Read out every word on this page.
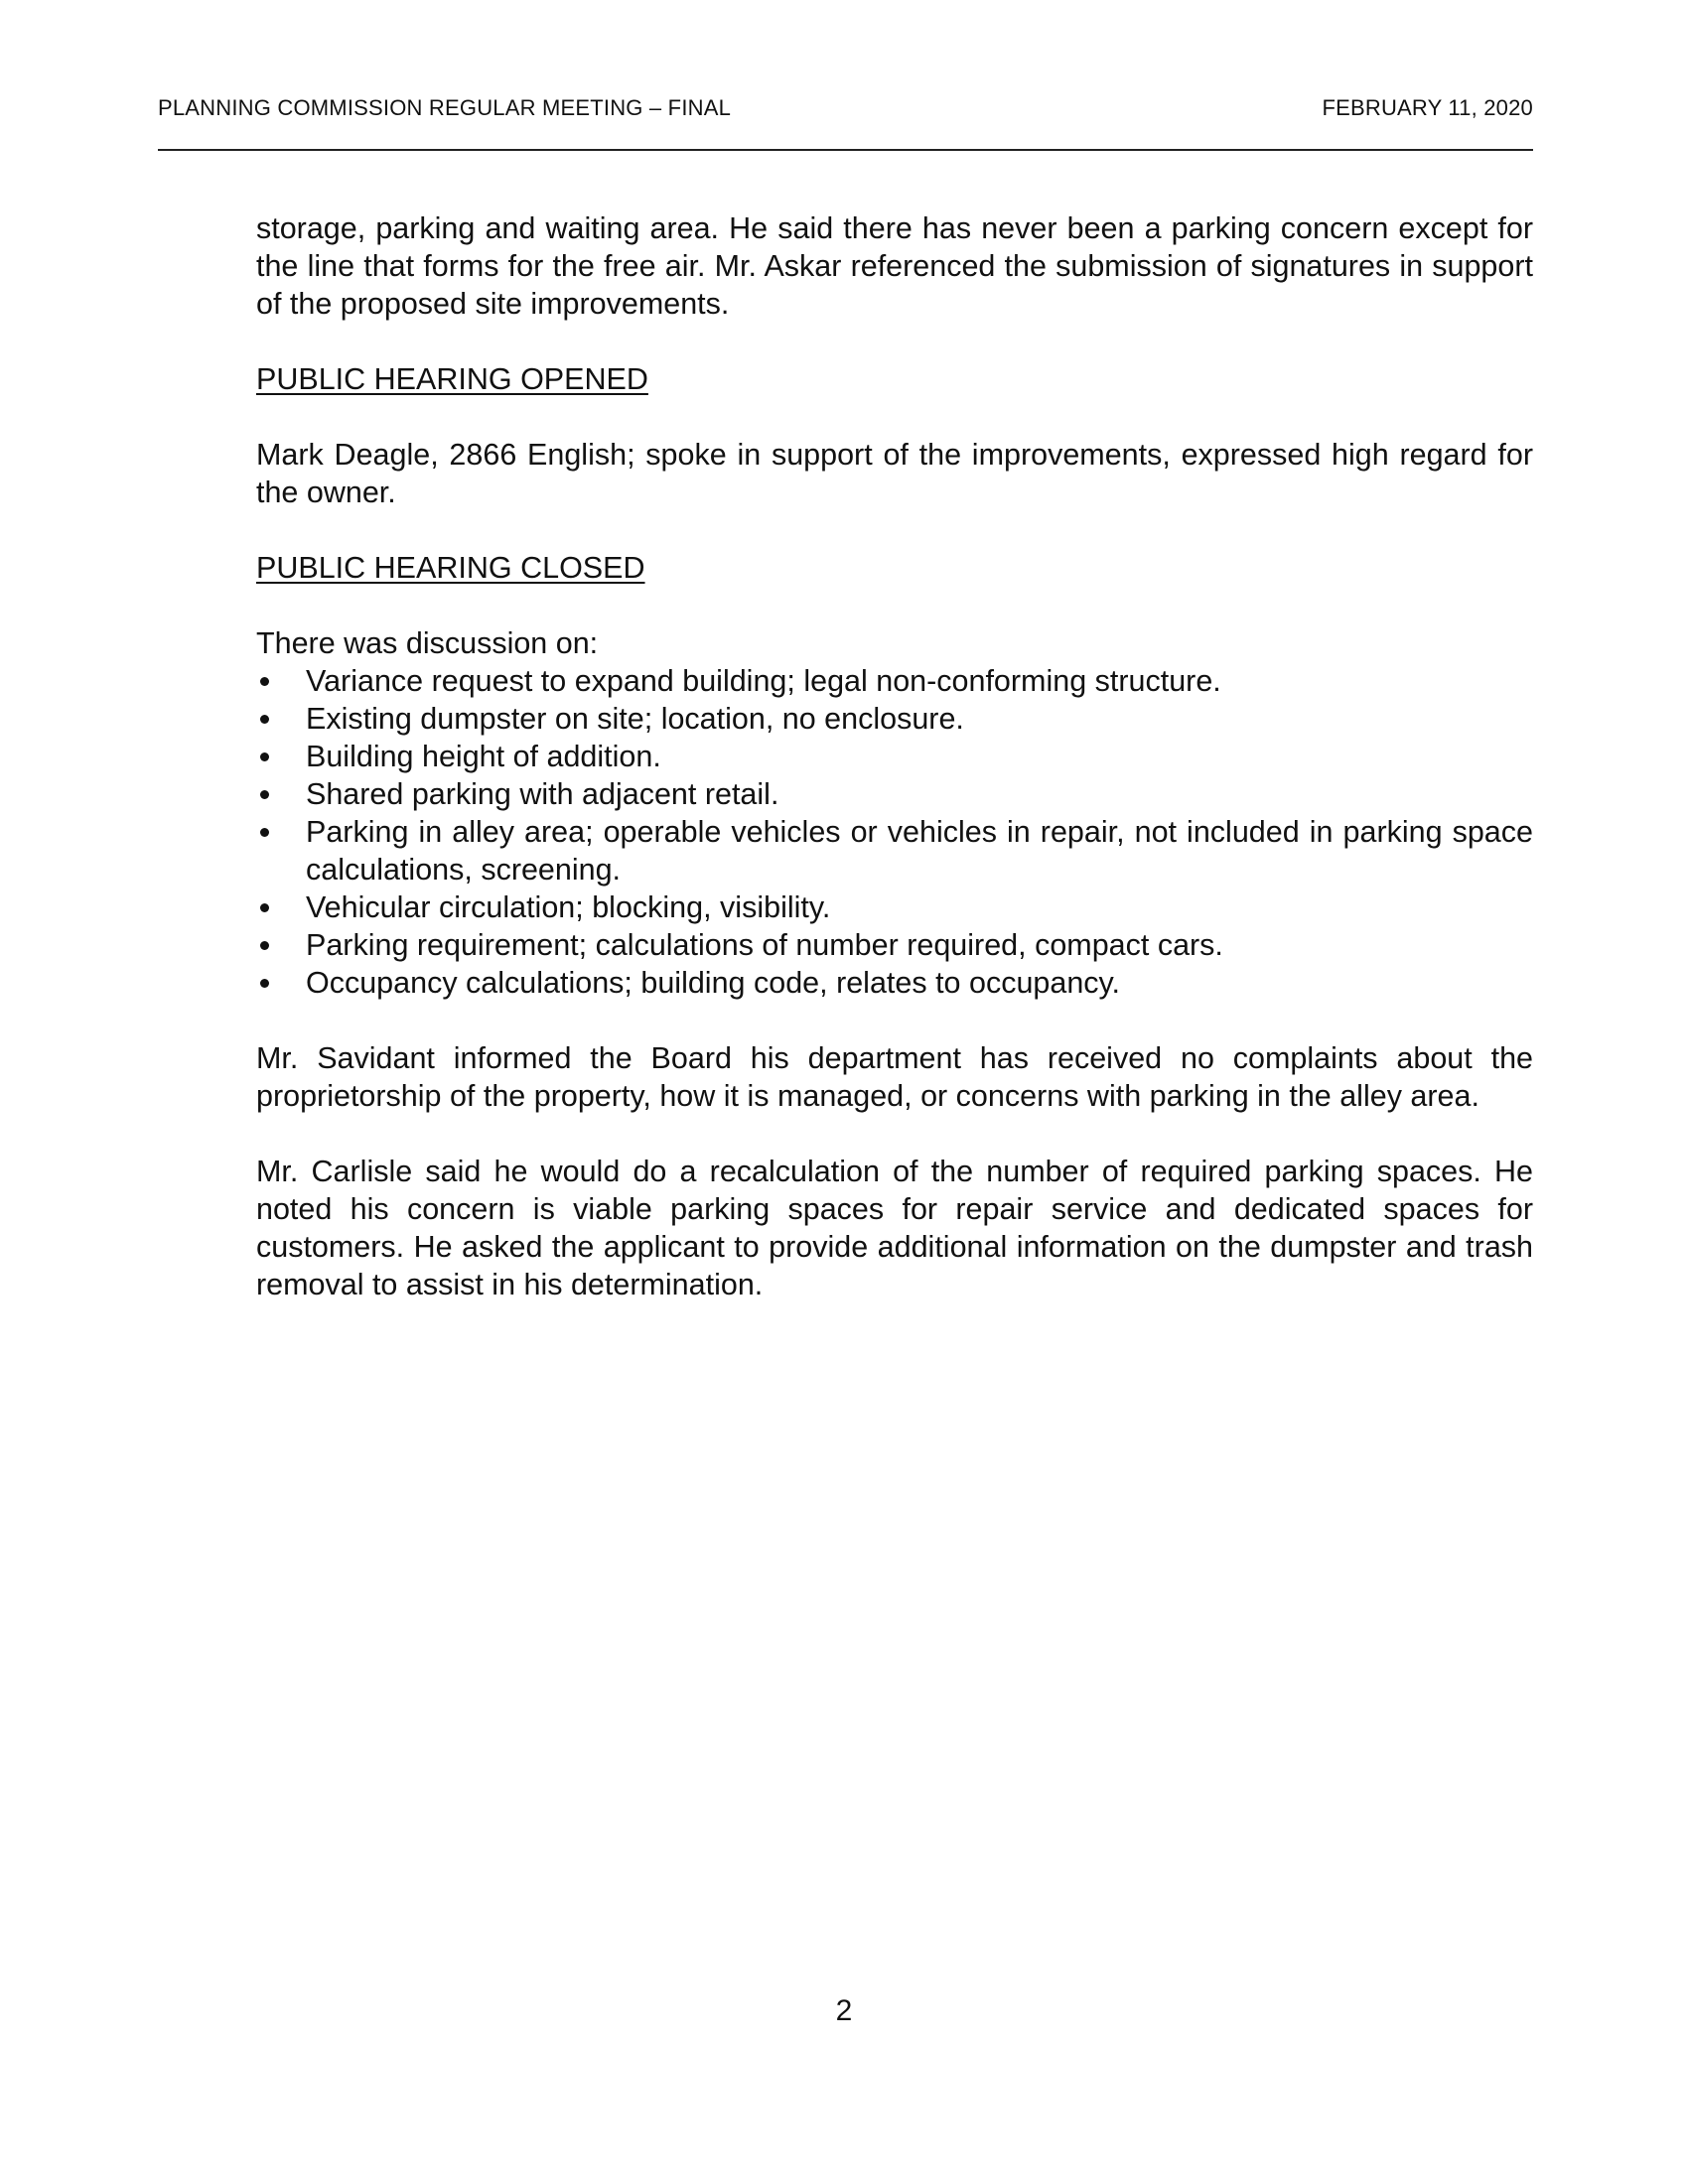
PLANNING COMMISSION REGULAR MEETING – FINAL	FEBRUARY 11, 2020

storage, parking and waiting area. He said there has never been a parking concern except for the line that forms for the free air. Mr. Askar referenced the submission of signatures in support of the proposed site improvements.

PUBLIC HEARING OPENED

Mark Deagle, 2866 English; spoke in support of the improvements, expressed high regard for the owner.

PUBLIC HEARING CLOSED

There was discussion on:

Variance request to expand building; legal non-conforming structure.
Existing dumpster on site; location, no enclosure.
Building height of addition.
Shared parking with adjacent retail.
Parking in alley area; operable vehicles or vehicles in repair, not included in parking space calculations, screening.
Vehicular circulation; blocking, visibility.
Parking requirement; calculations of number required, compact cars.
Occupancy calculations; building code, relates to occupancy.

Mr. Savidant informed the Board his department has received no complaints about the proprietorship of the property, how it is managed, or concerns with parking in the alley area.

Mr. Carlisle said he would do a recalculation of the number of required parking spaces. He noted his concern is viable parking spaces for repair service and dedicated spaces for customers. He asked the applicant to provide additional information on the dumpster and trash removal to assist in his determination.

2
